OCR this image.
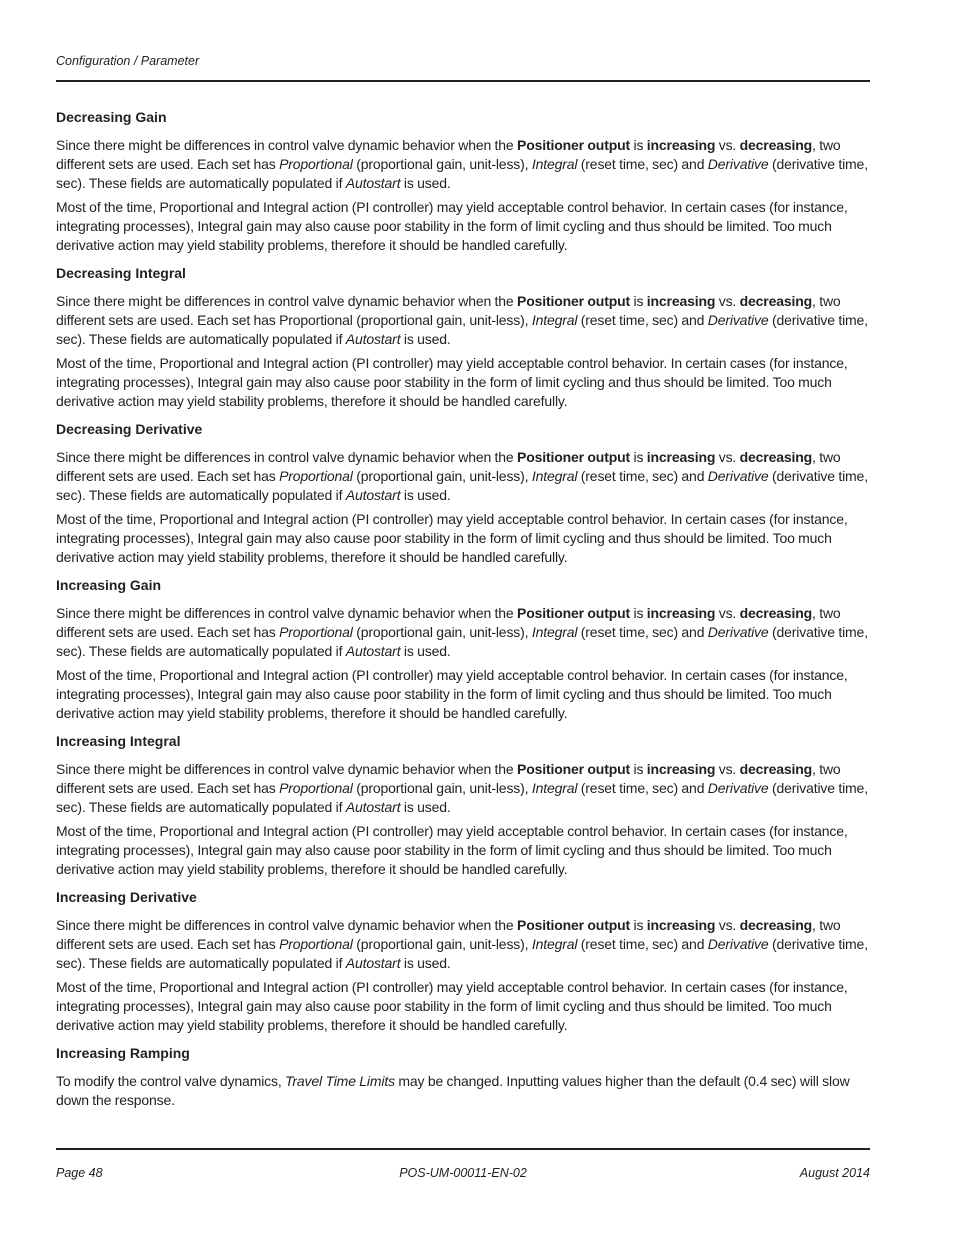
Configuration / Parameter
Decreasing Gain

Since there might be differences in control valve dynamic behavior when the Positioner output is increasing vs. decreasing, two different sets are used. Each set has Proportional (proportional gain, unit-less), Integral (reset time, sec) and Derivative (derivative time, sec). These fields are automatically populated if Autostart is used.

Most of the time, Proportional and Integral action (PI controller) may yield acceptable control behavior. In certain cases (for instance, integrating processes), Integral gain may also cause poor stability in the form of limit cycling and thus should be limited. Too much derivative action may yield stability problems, therefore it should be handled carefully.

Decreasing Integral

Since there might be differences in control valve dynamic behavior when the Positioner output is increasing vs. decreasing, two different sets are used. Each set has Proportional (proportional gain, unit-less), Integral (reset time, sec) and Derivative (derivative time, sec). These fields are automatically populated if Autostart is used.

Most of the time, Proportional and Integral action (PI controller) may yield acceptable control behavior. In certain cases (for instance, integrating processes), Integral gain may also cause poor stability in the form of limit cycling and thus should be limited. Too much derivative action may yield stability problems, therefore it should be handled carefully.

Decreasing Derivative

Since there might be differences in control valve dynamic behavior when the Positioner output is increasing vs. decreasing, two different sets are used. Each set has Proportional (proportional gain, unit-less), Integral (reset time, sec) and Derivative (derivative time, sec). These fields are automatically populated if Autostart is used.

Most of the time, Proportional and Integral action (PI controller) may yield acceptable control behavior. In certain cases (for instance, integrating processes), Integral gain may also cause poor stability in the form of limit cycling and thus should be limited. Too much derivative action may yield stability problems, therefore it should be handled carefully.

Increasing Gain

Since there might be differences in control valve dynamic behavior when the Positioner output is increasing vs. decreasing, two different sets are used. Each set has Proportional (proportional gain, unit-less), Integral (reset time, sec) and Derivative (derivative time, sec). These fields are automatically populated if Autostart is used.

Most of the time, Proportional and Integral action (PI controller) may yield acceptable control behavior. In certain cases (for instance, integrating processes), Integral gain may also cause poor stability in the form of limit cycling and thus should be limited. Too much derivative action may yield stability problems, therefore it should be handled carefully.

Increasing Integral

Since there might be differences in control valve dynamic behavior when the Positioner output is increasing vs. decreasing, two different sets are used. Each set has Proportional (proportional gain, unit-less), Integral (reset time, sec) and Derivative (derivative time, sec). These fields are automatically populated if Autostart is used.

Most of the time, Proportional and Integral action (PI controller) may yield acceptable control behavior. In certain cases (for instance, integrating processes), Integral gain may also cause poor stability in the form of limit cycling and thus should be limited. Too much derivative action may yield stability problems, therefore it should be handled carefully.

Increasing Derivative

Since there might be differences in control valve dynamic behavior when the Positioner output is increasing vs. decreasing, two different sets are used. Each set has Proportional (proportional gain, unit-less), Integral (reset time, sec) and Derivative (derivative time, sec). These fields are automatically populated if Autostart is used.

Most of the time, Proportional and Integral action (PI controller) may yield acceptable control behavior. In certain cases (for instance, integrating processes), Integral gain may also cause poor stability in the form of limit cycling and thus should be limited. Too much derivative action may yield stability problems, therefore it should be handled carefully.

Increasing Ramping

To modify the control valve dynamics, Travel Time Limits may be changed. Inputting values higher than the default (0.4 sec) will slow down the response.

Page 48	POS-UM-00011-EN-02	August 2014
